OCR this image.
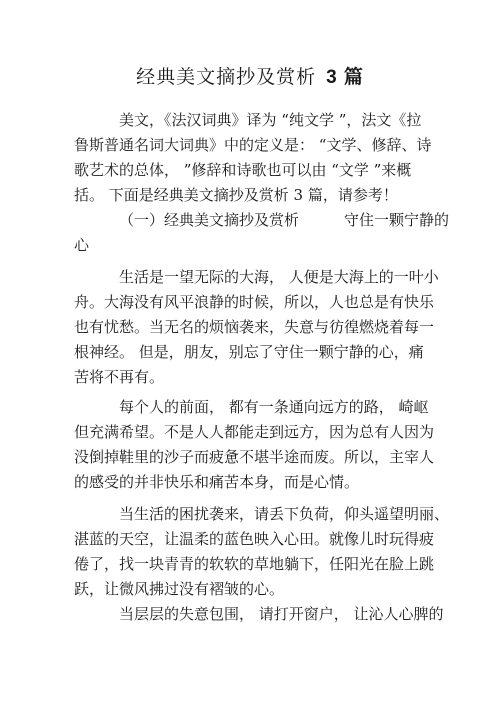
经典美文摘抄及赏析 3 篇
美文，《法汉词典》译为 “纯文学 ”，法文《拉
鲁斯普通名词大词典》中的定义是： “文学、修辞、诗
歌艺术的总体， ”修辞和诗歌也可以由 “文学 ”来概
括。 下面是经典美文摘抄及赏析 3 篇，请参考！
（一）经典美文摘抄及赏析　　　守住一颗宁静的
心
生活是一望无际的大海， 人便是大海上的一叶小
舟。大海没有风平浪静的时候，所以，人也总是有快乐
也有忧愁。当无名的烦恼袭来，失意与彷徨燃烧着每一
根神经。 但是，朋友，别忘了守住一颗宁静的心，痛
苦将不再有。
每个人的前面， 都有一条通向远方的路， 崎岖
但充满希望。不是人人都能走到远方，因为总有人因为
没倒掉鞋里的沙子而疲惫不堪半途而废。所以，主宰人
的感受的并非快乐和痛苦本身，而是心情。
当生活的困扰袭来，请丢下负荷，仰头遥望明丽、
湛蓝的天空，让温柔的蓝色映入心田。就像儿时玩得疲
倦了，找一块青青的软软的草地躺下，任阳光在脸上跳
跃，让微风拂过没有褶皱的心。
当层层的失意包围， 请打开窗户， 让沁人心脾的
